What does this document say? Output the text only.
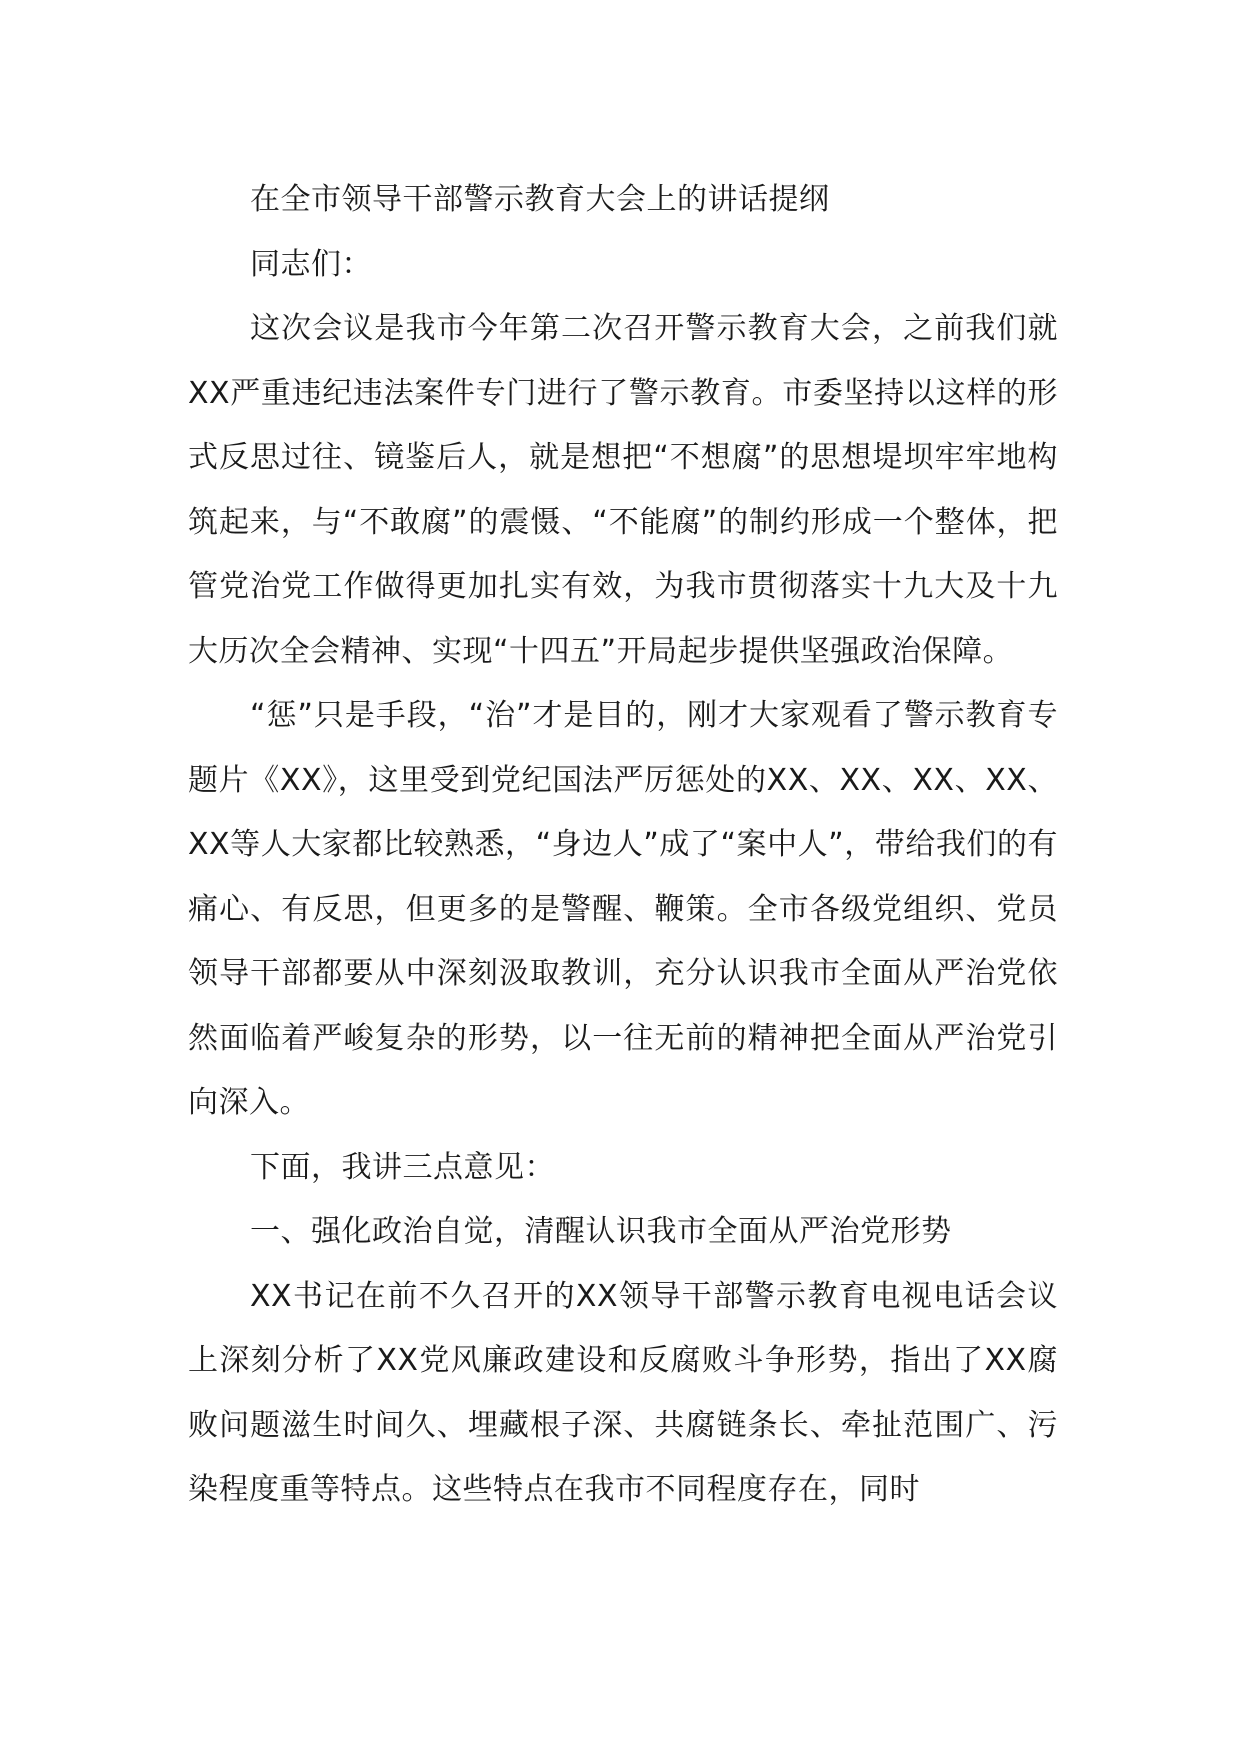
在全市领导干部警示教育大会上的讲话提纲

同志们：

这次会议是我市今年第二次召开警示教育大会，之前我们就XX严重违纪违法案件专门进行了警示教育。市委坚持以这样的形式反思过往、镜鉴后人，就是想把“不想腐”的思想堤坝牢牢地构筑起来，与“不敢腐”的震慑、“不能腐”的制约形成一个整体，把管党治党工作做得更加扎实有效，为我市贯彻落实十九大及十九大历次全会精神、实现“十四五”开局起步提供坚强政治保障。

“惩”只是手段，“治”才是目的，刚才大家观看了警示教育专题片《XX》，这里受到党纪国法严厉惩处的XX、XX、XX、XX、XX等人大家都比较熟悉，“身边人”成了“案中人”，带给我们的有痛心、有反思，但更多的是警醒、鞭策。全市各级党组织、党员领导干部都要从中深刻汲取教训，充分认识我市全面从严治党依然面临着严峻复杂的形势，以一往无前的精神把全面从严治党引向深入。

下面，我讲三点意见：

一、强化政治自觉，清醒认识我市全面从严治党形势

XX书记在前不久召开的XX领导干部警示教育电视电话会议上深刻分析了XX党风廉政建设和反腐败斗争形势，指出了XX腐败问题滋生时间久、埋藏根子深、共腐链条长、牵扯范围广、污染程度重等特点。这些特点在我市不同程度存在，同时
